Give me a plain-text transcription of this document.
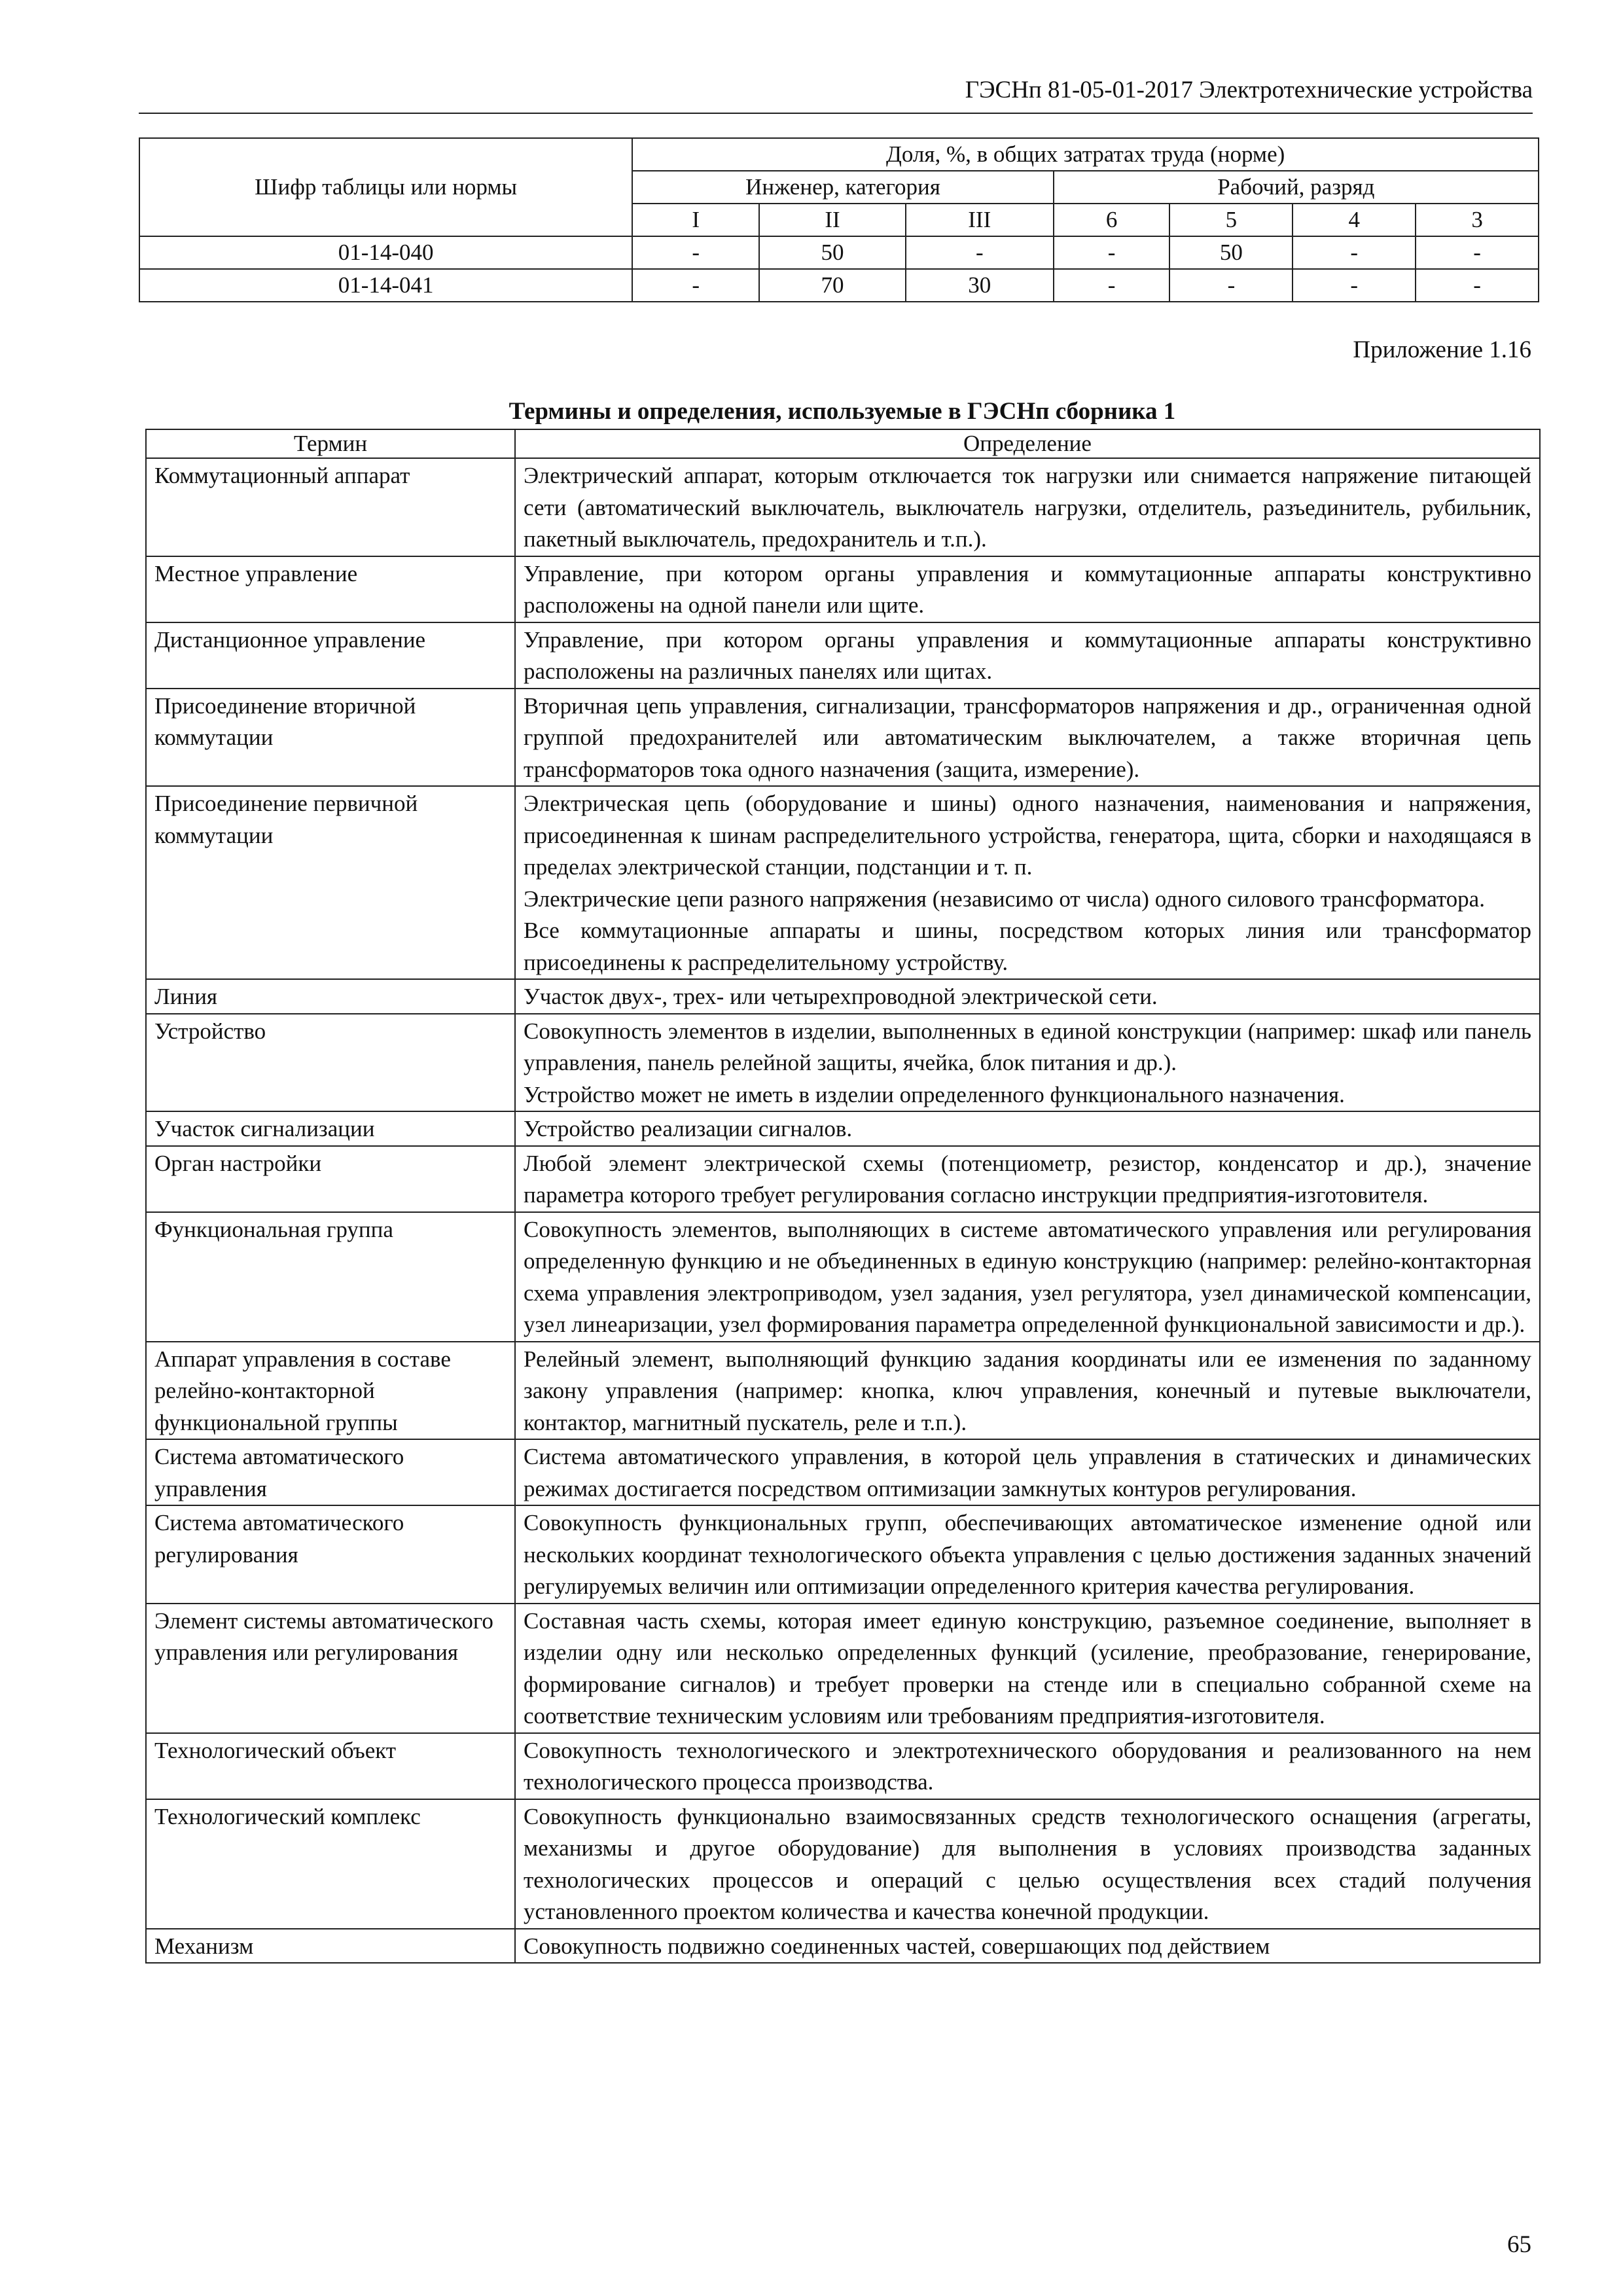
ГЭСНп 81-05-01-2017 Электротехнические устройства
Шифр таблицы или нормы	Доля, %, в общих затратах труда (норме)						
	Инженер, категория			Рабочий, разряд			
	I	II	III	6	5	4	3
01-14-040	-	50	-	-	50	-	-
01-14-041	-	70	30	-	-	-	-
Приложение 1.16
Термины и определения, используемые в ГЭСНп сборника 1
Термин	Определение
Коммутационный аппарат	Электрический аппарат, которым отключается ток нагрузки или снимается напряжение питающей сети (автоматический выключатель, выключатель нагрузки, отделитель, разъединитель, рубильник, пакетный выключатель, предохранитель и т.п.).

Местное управление	Управление, при котором органы управления и коммутационные аппараты конструктивно расположены на одной панели или щите.

Дистанционное управление	Управление, при котором органы управления и коммутационные аппараты конструктивно расположены на различных панелях или щитах.

Присоединение вторичной коммутации	Вторичная цепь управления, сигнализации, трансформаторов напряжения и др., ограниченная одной группой предохранителей или автоматическим выключателем, а также вторичная цепь трансформаторов тока одного назначения (защита, измерение).

Присоединение первичной коммутации	Электрическая цепь (оборудование и шины) одного назначения, наименования и напряжения, присоединенная к шинам распределительного устройства, генератора, щита, сборки и находящаяся в пределах электрической станции, подстанции и т. п.
Электрические цепи разного напряжения (независимо от числа) одного силового трансформатора.
Все коммутационные аппараты и шины, посредством которых линия или трансформатор присоединены к распределительному устройству.

Линия	Участок двух-, трех- или четырехпроводной электрической сети.

Устройство	Совокупность элементов в изделии, выполненных в единой конструкции (например: шкаф или панель управления, панель релейной защиты, ячейка, блок питания и др.).
Устройство может не иметь в изделии определенного функционального назначения.

Участок сигнализации	Устройство реализации сигналов.

Орган настройки	Любой элемент электрической схемы (потенциометр, резистор, конденсатор и др.), значение параметра которого требует регулирования согласно инструкции предприятия-изготовителя.

Функциональная группа	Совокупность элементов, выполняющих в системе автоматического управления или регулирования определенную функцию и не объединенных в единую конструкцию (например: релейно-контакторная схема управления электроприводом, узел задания, узел регулятора, узел динамической компенсации, узел линеаризации, узел формирования параметра определенной функциональной зависимости и др.).

Аппарат управления в составе релейно-контакторной функциональной группы	Релейный элемент, выполняющий функцию задания координаты или ее изменения по заданному закону управления (например: кнопка, ключ управления, конечный и путевые выключатели, контактор, магнитный пускатель, реле и т.п.).

Система автоматического управления	Система автоматического управления, в которой цель управления в статических и динамических режимах достигается посредством оптимизации замкнутых контуров регулирования.

Система автоматического регулирования	Совокупность функциональных групп, обеспечивающих автоматическое изменение одной или нескольких координат технологического объекта управления с целью достижения заданных значений регулируемых величин или оптимизации определенного критерия качества регулирования.

Элемент системы автоматического управления или регулирования	Составная часть схемы, которая имеет единую конструкцию, разъемное соединение, выполняет в изделии одну или несколько определенных функций (усиление, преобразование, генерирование, формирование сигналов) и требует проверки на стенде или в специально собранной схеме на соответствие техническим условиям или требованиям предприятия-изготовителя.

Технологический объект	Совокупность технологического и электротехнического оборудования и реализованного на нем технологического процесса производства.

Технологический комплекс	Совокупность функционально взаимосвязанных средств технологического оснащения (агрегаты, механизмы и другое оборудование) для выполнения в условиях производства заданных технологических процессов и операций с целью осуществления всех стадий получения установленного проектом количества и качества конечной продукции.

Механизм	Совокупность подвижно соединенных частей, совершающих под действием
65
